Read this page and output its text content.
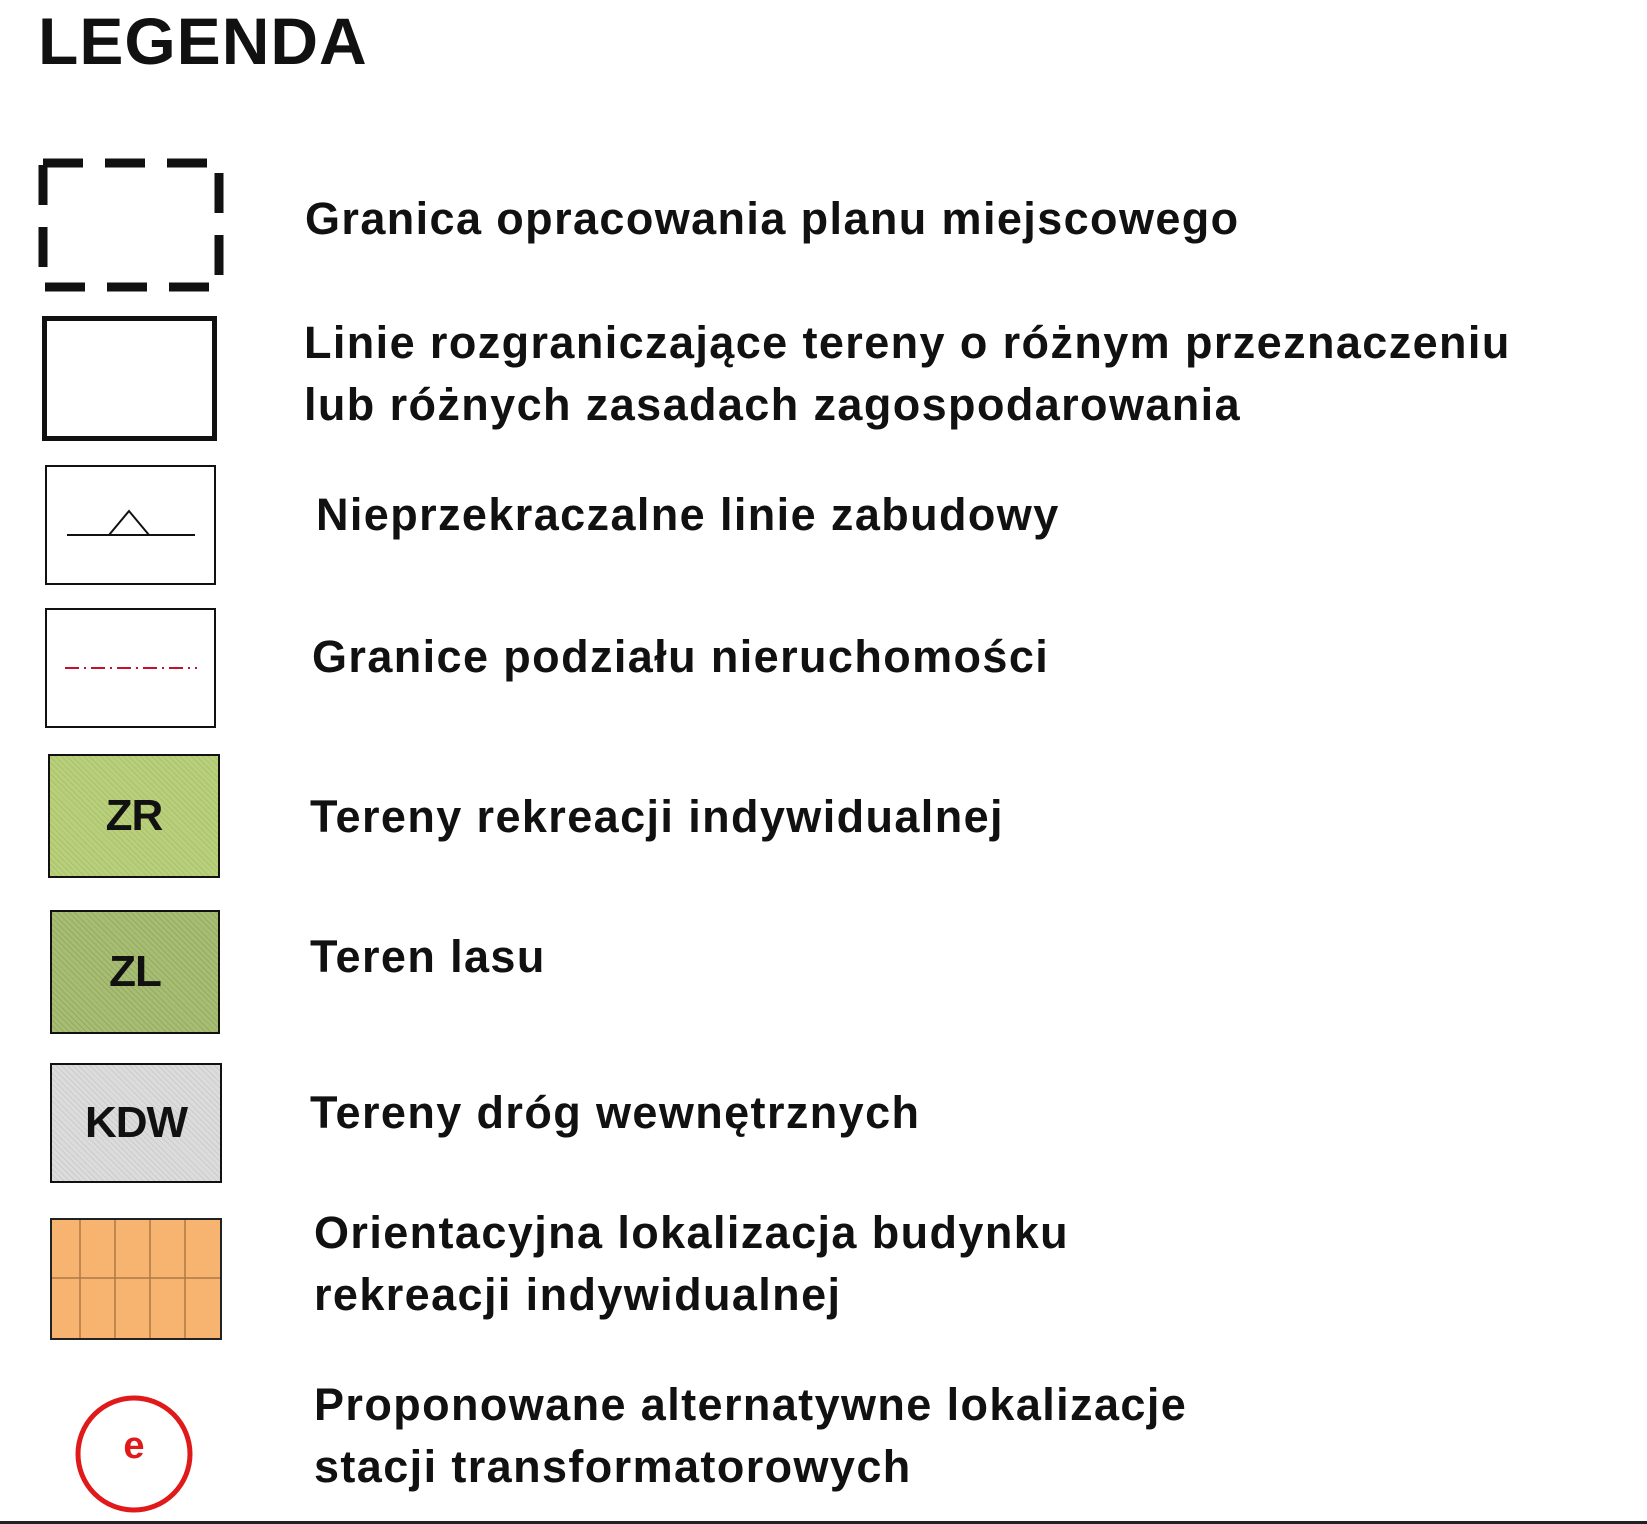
LEGENDA
Granica opracowania planu miejscowego
Linie rozgraniczające tereny o różnym przeznaczeniu
lub różnych zasadach zagospodarowania
Nieprzekraczalne linie zabudowy
Granice podziału nieruchomości
ZR	Tereny rekreacji indywidualnej
ZL	Teren lasu
KDW	Tereny dróg wewnętrznych
Orientacyjna lokalizacja budynku
rekreacji indywidualnej
e
Proponowane alternatywne lokalizacje
stacji transformatorowych
